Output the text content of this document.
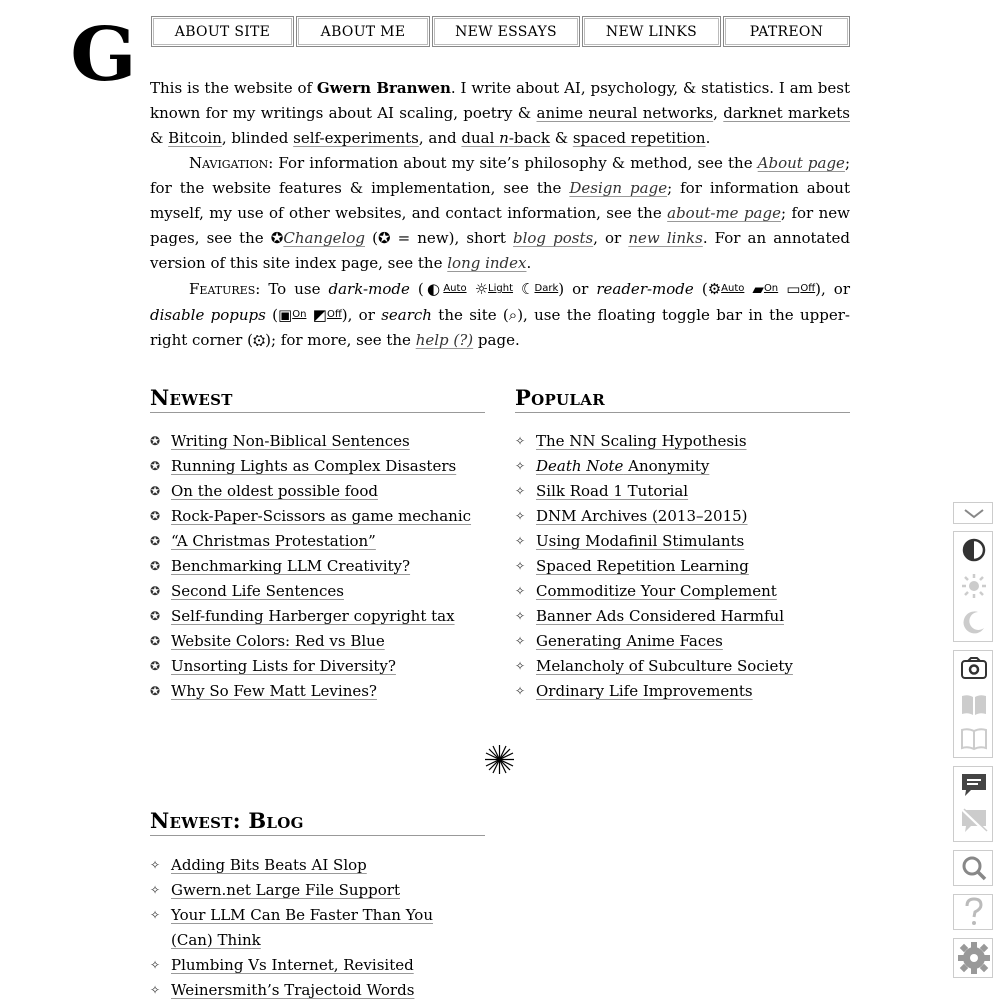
G	ABOUT SITE	ABOUT ME	NEW ESSAYS	NEW LINKS	PATREON

This is the website of Gwern Branwen. I write about AI, psychology, & statistics. I am best known for my writings about AI scaling, poetry & anime neural networks, darknet markets & Bitcoin, blinded self-experiments, and dual n-back & spaced repetition.

Navigation: For information about my site’s philosophy & method, see the About page; for the website features & implementation, see the Design page; for information about myself, my use of other websites, and contact information, see the about-me page; for new pages, see the ✪Changelog (✪ = new), short blog posts, or new links. For an annotated version of this site index page, see the long index.

Features: To use dark-mode (◐$^{Auto}$ ☼$^{Light}$ ☾$^{Dark}$) or reader-mode (⚙$^{Auto}$ ▰$^{On}$ ▭$^{Off}$), or disable popups (▣$^{On}$ ◩$^{Off}$), or search the site (⌕), use the floating toggle bar in the upper-right corner (⚙); for more, see the help (?) page.

Newest
✪ Writing Non-Biblical Sentences
✪ Running Lights as Complex Disasters
✪ On the oldest possible food
✪ Rock-Paper-Scissors as game mechanic
✪ “A Christmas Protestation”
✪ Benchmarking LLM Creativity?
✪ Second Life Sentences
✪ Self-funding Harberger copyright tax
✪ Website Colors: Red vs Blue
✪ Unsorting Lists for Diversity?
✪ Why So Few Matt Levines?
Popular
✧ The NN Scaling Hypothesis
✧ Death Note Anonymity
✧ Silk Road 1 Tutorial
✧ DNM Archives (2013–2015)
✧ Using Modafinil Stimulants
✧ Spaced Repetition Learning
✧ Commoditize Your Complement
✧ Banner Ads Considered Harmful
✧ Generating Anime Faces
✧ Melancholy of Subculture Society
✧ Ordinary Life Improvements
Newest: Blog
✧ Adding Bits Beats AI Slop
✧ Gwern.net Large File Support
✧ Your LLM Can Be Faster Than You (Can) Think
✧ Plumbing Vs Internet, Revisited
✧ Weinersmith’s Trajectoid Words
